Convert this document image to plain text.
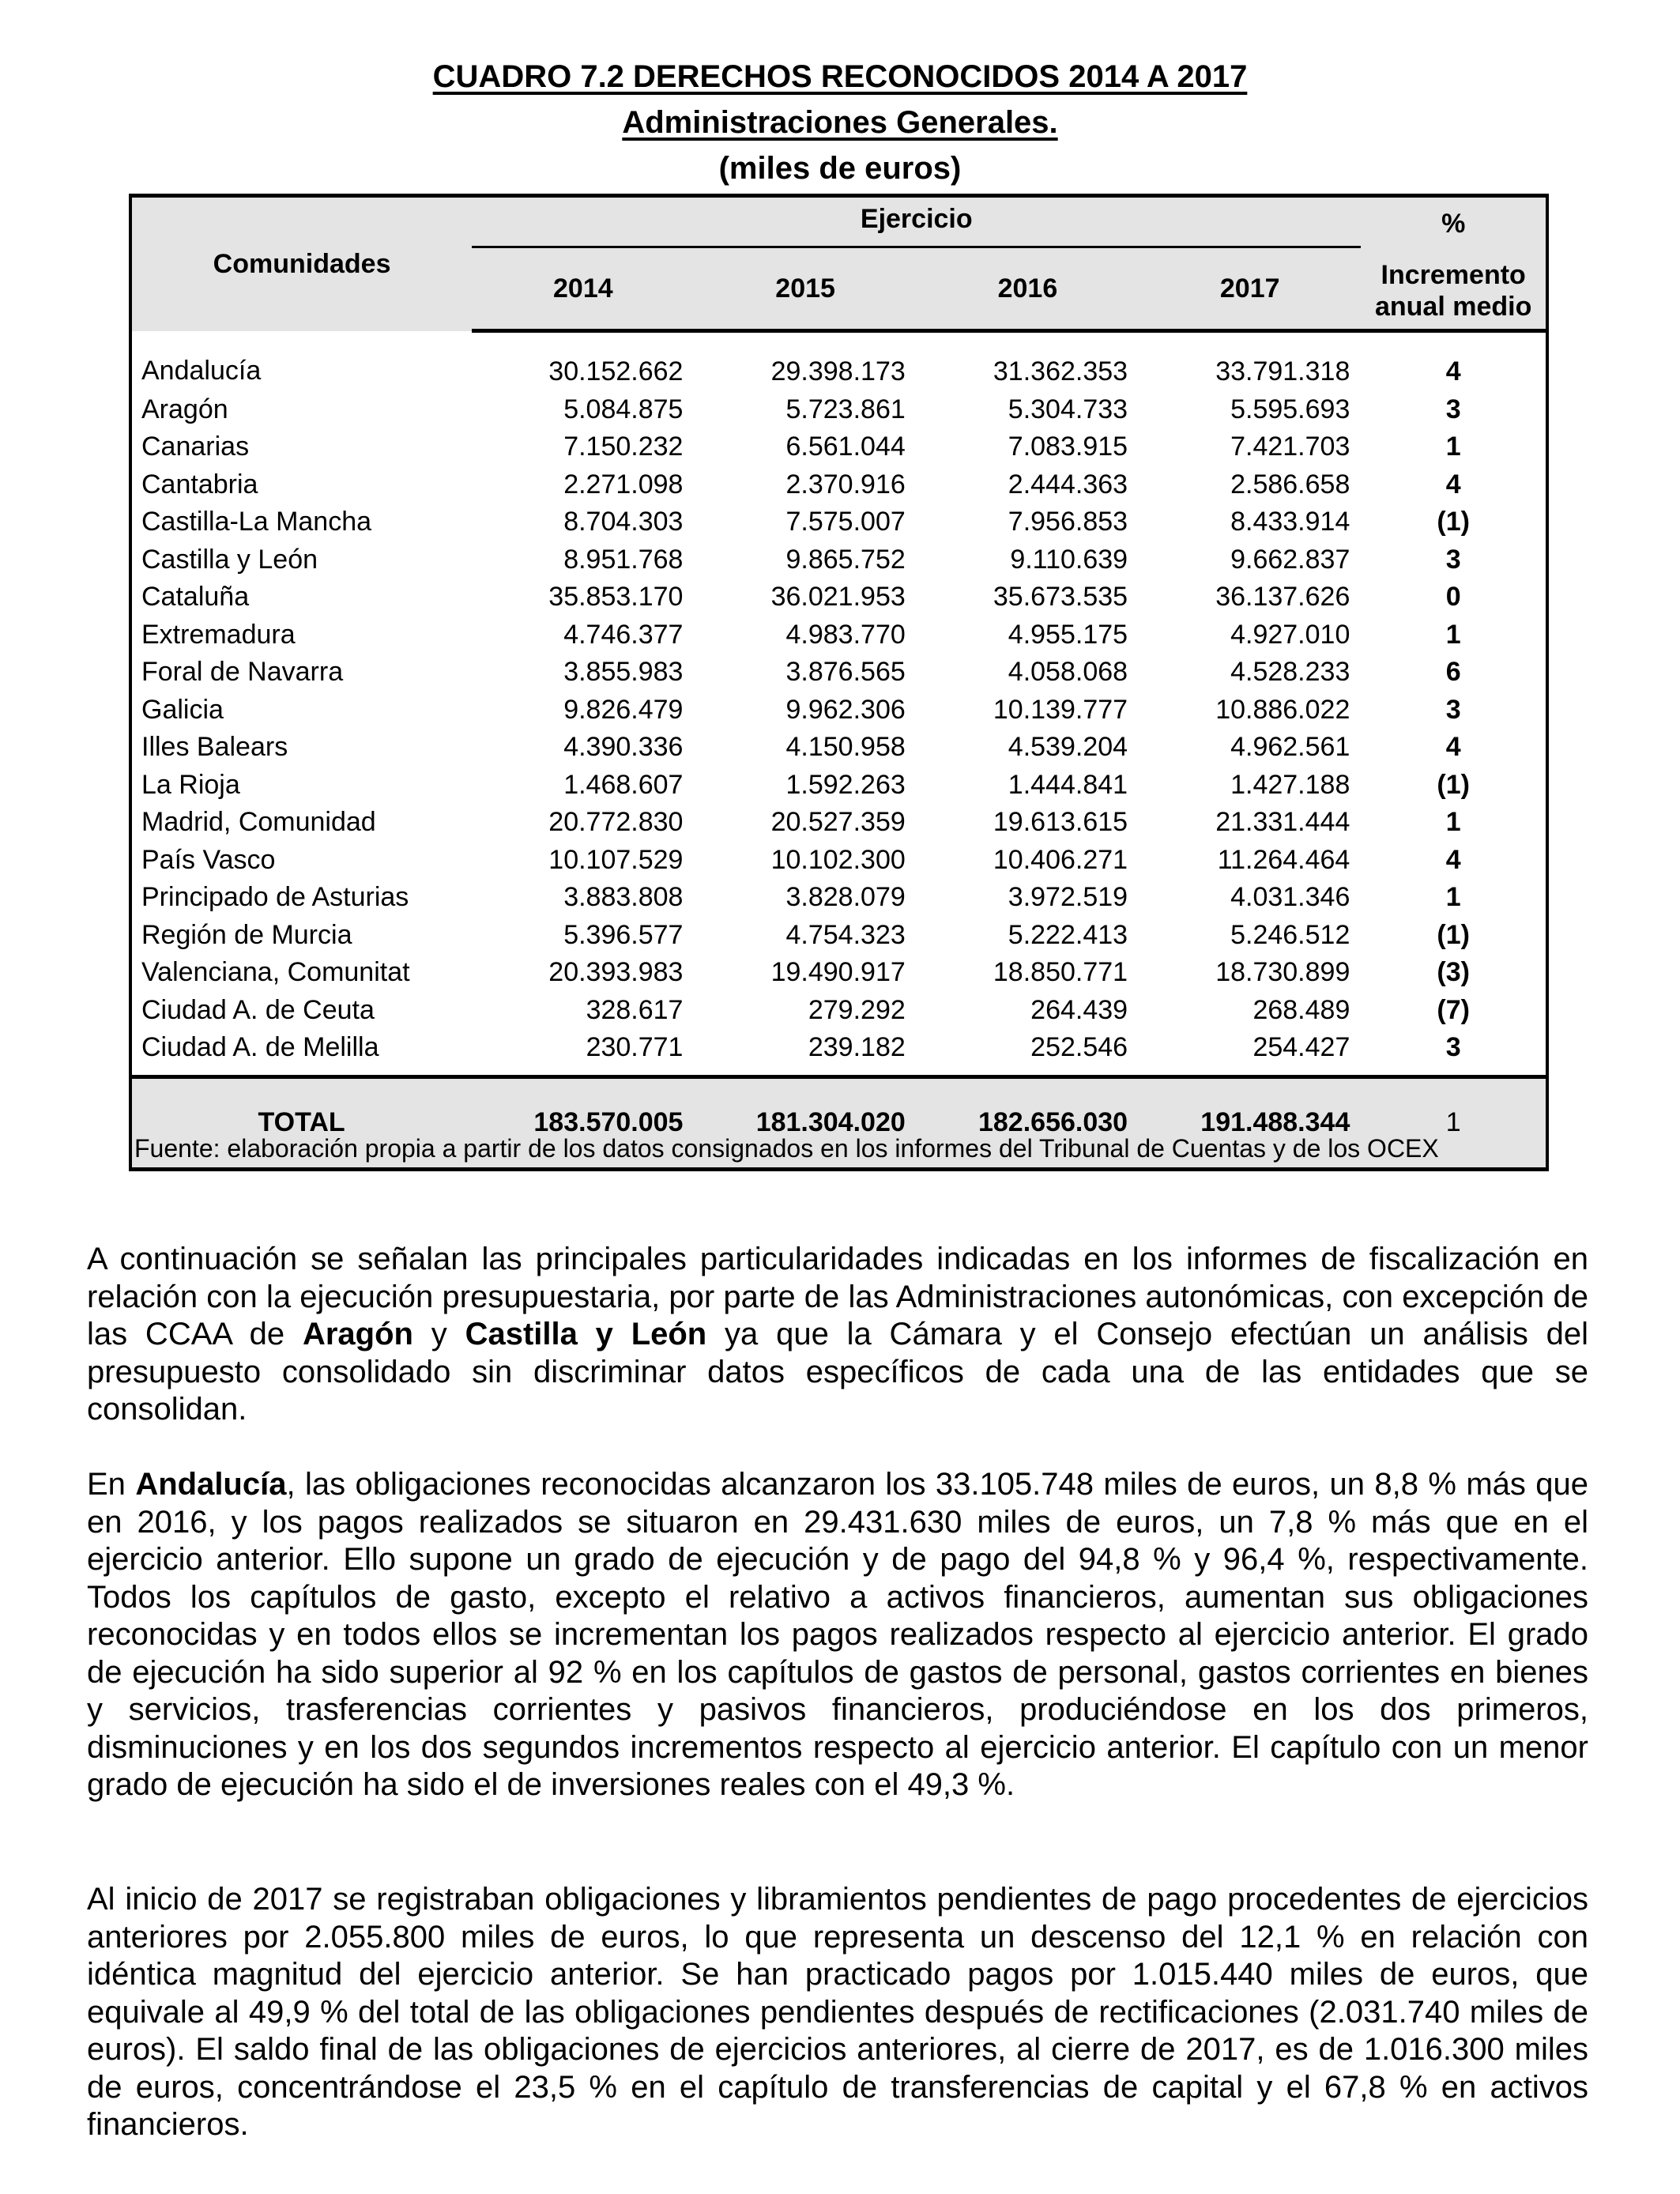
CUADRO 7.2 DERECHOS RECONOCIDOS 2014 A 2017
Administraciones Generales.
(miles de euros)
Comunidades	Ejercicio				%
	2014	2015	2016	2017	Incremento
anual medio

Andalucía	30.152.662	29.398.173	31.362.353	33.791.318	4
Aragón	5.084.875	5.723.861	5.304.733	5.595.693	3
Canarias	7.150.232	6.561.044	7.083.915	7.421.703	1
Cantabria	2.271.098	2.370.916	2.444.363	2.586.658	4
Castilla-La Mancha	8.704.303	7.575.007	7.956.853	8.433.914	(1)
Castilla y León	8.951.768	9.865.752	9.110.639	9.662.837	3
Cataluña	35.853.170	36.021.953	35.673.535	36.137.626	0
Extremadura	4.746.377	4.983.770	4.955.175	4.927.010	1
Foral de Navarra	3.855.983	3.876.565	4.058.068	4.528.233	6
Galicia	9.826.479	9.962.306	10.139.777	10.886.022	3
Illes Balears	4.390.336	4.150.958	4.539.204	4.962.561	4
La Rioja	1.468.607	1.592.263	1.444.841	1.427.188	(1)
Madrid, Comunidad	20.772.830	20.527.359	19.613.615	21.331.444	1
País Vasco	10.107.529	10.102.300	10.406.271	11.264.464	4
Principado de Asturias	3.883.808	3.828.079	3.972.519	4.031.346	1
Región de Murcia	5.396.577	4.754.323	5.222.413	5.246.512	(1)
Valenciana, Comunitat	20.393.983	19.490.917	18.850.771	18.730.899	(3)
Ciudad A. de Ceuta	328.617	279.292	264.439	268.489	(7)
Ciudad A. de Melilla	230.771	239.182	252.546	254.427	3
TOTAL	183.570.005	181.304.020	182.656.030	191.488.344	1
Fuente: elaboración propia a partir de los datos consignados en los informes del Tribunal de Cuentas y de los OCEX
A continuación se señalan las principales particularidades indicadas en los informes de fiscalización en relación con la ejecución presupuestaria, por parte de las Administraciones autonómicas, con excepción de las CCAA de Aragón y Castilla y León ya que la Cámara y el Consejo efectúan un análisis del presupuesto consolidado sin discriminar datos específicos de cada una de las entidades que se consolidan.
En Andalucía, las obligaciones reconocidas alcanzaron los 33.105.748 miles de euros, un 8,8 % más que en 2016, y los pagos realizados se situaron en 29.431.630 miles de euros, un 7,8 % más que en el ejercicio anterior. Ello supone un grado de ejecución y de pago del 94,8 % y 96,4 %, respectivamente. Todos los capítulos de gasto, excepto el relativo a activos financieros, aumentan sus obligaciones reconocidas y en todos ellos se incrementan los pagos realizados respecto al ejercicio anterior. El grado de ejecución ha sido superior al 92 % en los capítulos de gastos de personal, gastos corrientes en bienes y servicios, trasferencias corrientes y pasivos financieros, produciéndose en los dos primeros, disminuciones y en los dos segundos incrementos respecto al ejercicio anterior. El capítulo con un menor grado de ejecución ha sido el de inversiones reales con el 49,3 %.
Al inicio de 2017 se registraban obligaciones y libramientos pendientes de pago procedentes de ejercicios anteriores por 2.055.800 miles de euros, lo que representa un descenso del 12,1 % en relación con idéntica magnitud del ejercicio anterior. Se han practicado pagos por 1.015.440 miles de euros, que equivale al 49,9 % del total de las obligaciones pendientes después de rectificaciones (2.031.740 miles de euros). El saldo final de las obligaciones de ejercicios anteriores, al cierre de 2017, es de 1.016.300 miles de euros, concentrándose el 23,5 % en el capítulo de transferencias de capital y el 67,8 % en activos financieros.
